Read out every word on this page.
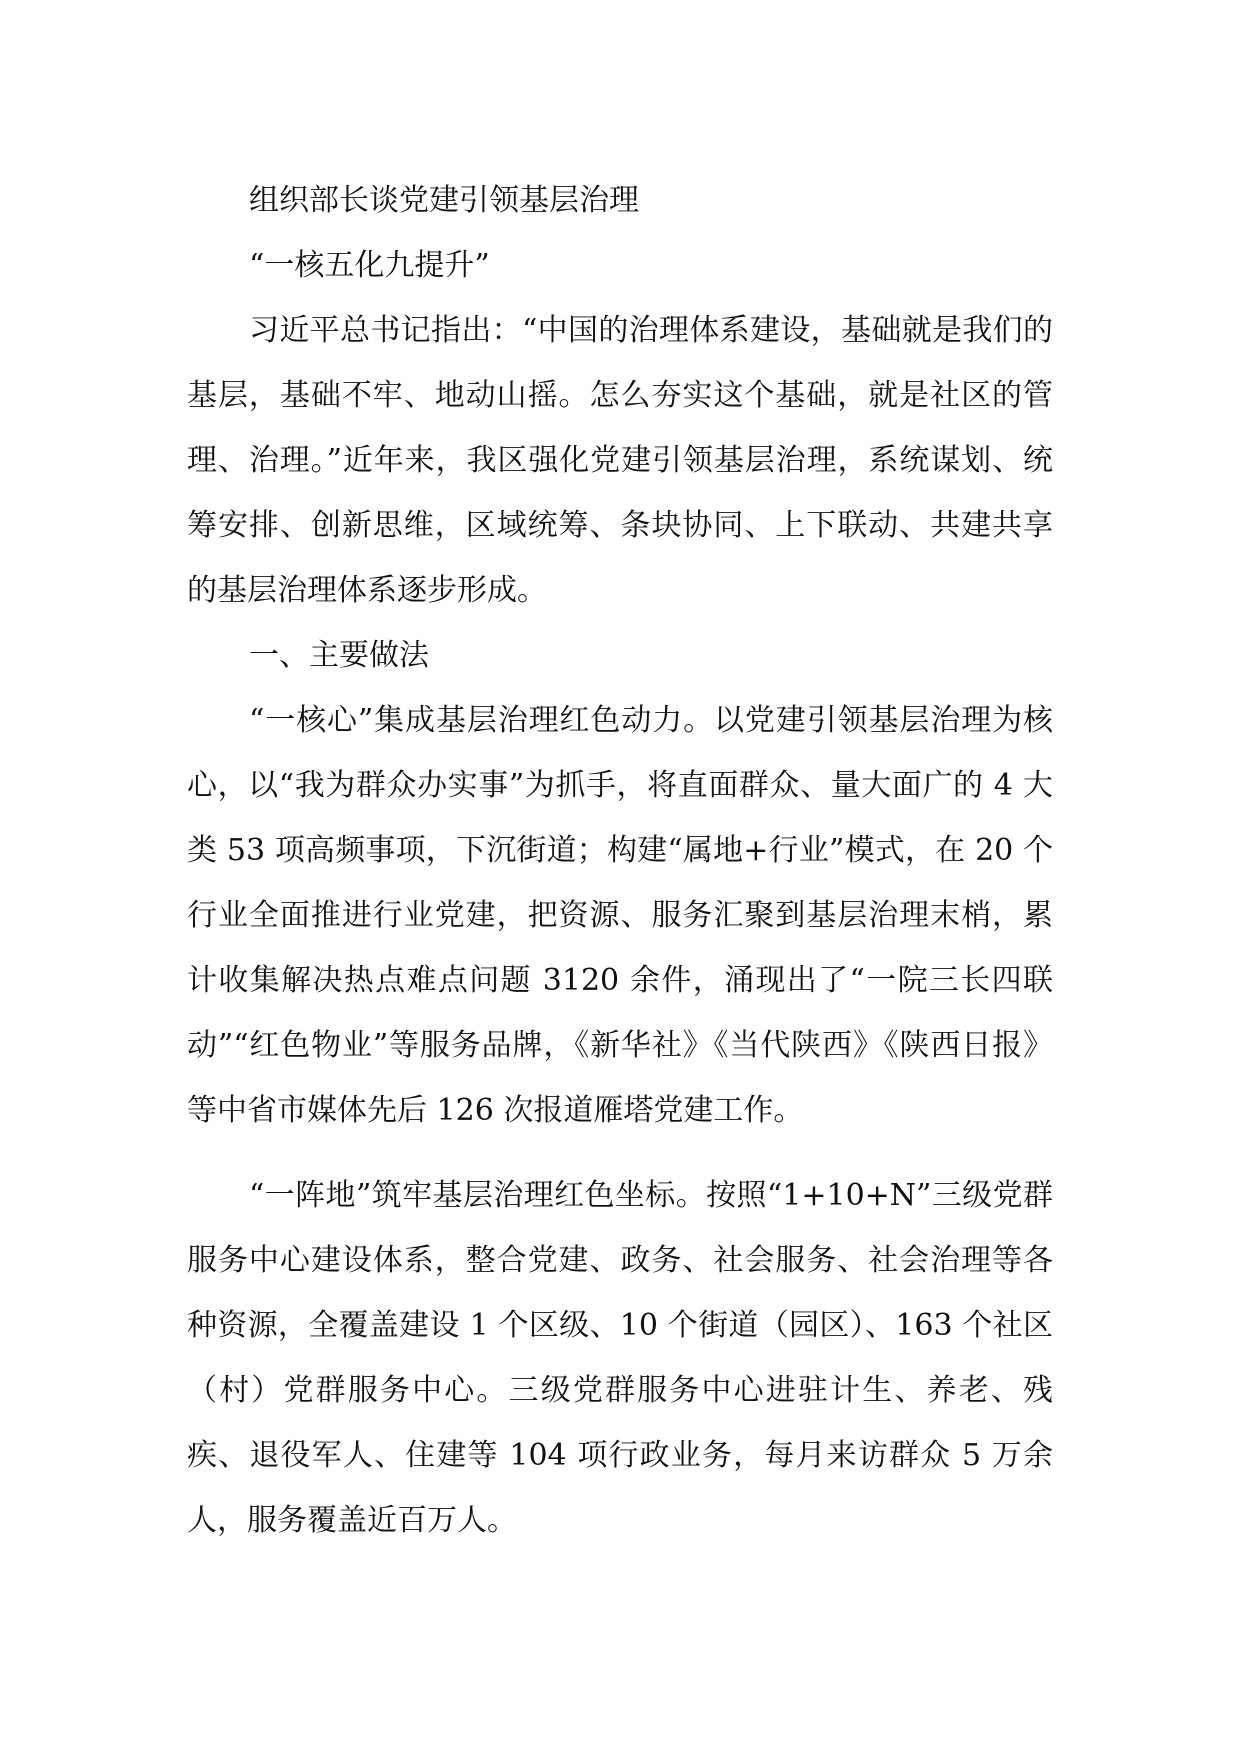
组织部长谈党建引领基层治理

“一核五化九提升”

习近平总书记指出：“中国的治理体系建设，基础就是我们的基层，基础不牢、地动山摇。怎么夯实这个基础，就是社区的管理、治理。”近年来，我区强化党建引领基层治理，系统谋划、统筹安排、创新思维，区域统筹、条块协同、上下联动、共建共享的基层治理体系逐步形成。

一、主要做法

“一核心”集成基层治理红色动力。以党建引领基层治理为核心，以“我为群众办实事”为抓手，将直面群众、量大面广的 4 大类 53 项高频事项，下沉街道；构建“属地+行业”模式，在 20 个行业全面推进行业党建，把资源、服务汇聚到基层治理末梢，累计收集解决热点难点问题 3120 余件，涌现出了“一院三长四联动”“红色物业”等服务品牌，《新华社》《当代陕西》《陕西日报》等中省市媒体先后 126 次报道雁塔党建工作。

“一阵地”筑牢基层治理红色坐标。按照“1+10+N”三级党群服务中心建设体系，整合党建、政务、社会服务、社会治理等各种资源，全覆盖建设 1 个区级、10 个街道（园区）、163 个社区（村）党群服务中心。三级党群服务中心进驻计生、养老、残疾、退役军人、住建等 104 项行政业务，每月来访群众 5 万余人，服务覆盖近百万人。
